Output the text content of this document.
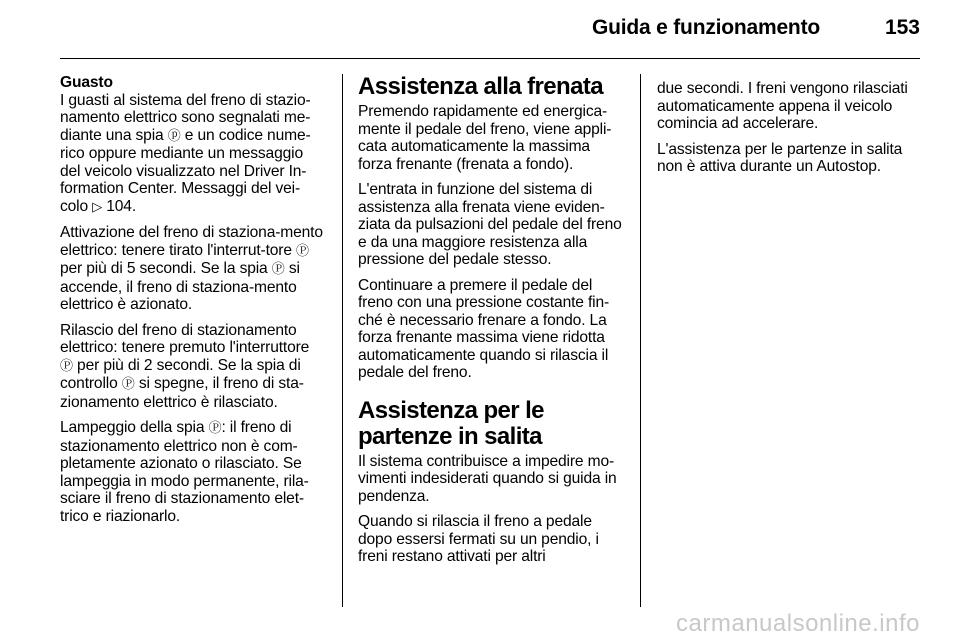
Guida e funzionamento	153
Guasto

I guasti al sistema del freno di stazio-namento elettrico sono segnalati me-diante una spia ⓟ e un codice nume-rico oppure mediante un messaggio del veicolo visualizzato nel Driver In-formation Center. Messaggi del vei-colo ▷ 104.

Attivazione del freno di staziona-mento elettrico: tenere tirato l'interrut-tore Ⓟ per più di 5 secondi. Se la spia Ⓟ si accende, il freno di staziona-mento elettrico è azionato.

Rilascio del freno di stazionamento elettrico: tenere premuto l'interruttore Ⓟ per più di 2 secondi. Se la spia di controllo Ⓟ si spegne, il freno di sta-zionamento elettrico è rilasciato.

Lampeggio della spia Ⓟ: il freno di stazionamento elettrico non è com-pletamente azionato o rilasciato. Se lampeggia in modo permanente, rila-sciare il freno di stazionamento elet-trico e riazionarlo.

Assistenza alla frenata

Premendo rapidamente ed energica-mente il pedale del freno, viene appli-cata automaticamente la massima forza frenante (frenata a fondo).

L'entrata in funzione del sistema di assistenza alla frenata viene eviden-ziata da pulsazioni del pedale del freno e da una maggiore resistenza alla pressione del pedale stesso.

Continuare a premere il pedale del freno con una pressione costante fin-ché è necessario frenare a fondo. La forza frenante massima viene ridotta automaticamente quando si rilascia il pedale del freno.

Assistenza per le partenze in salita

Il sistema contribuisce a impedire mo-vimenti indesiderati quando si guida in pendenza.

Quando si rilascia il freno a pedale dopo essersi fermati su un pendio, i freni restano attivati per altri

due secondi. I freni vengono rilasciati automaticamente appena il veicolo comincia ad accelerare.

L'assistenza per le partenze in salita non è attiva durante un Autostop.

carmanualsonline.info
